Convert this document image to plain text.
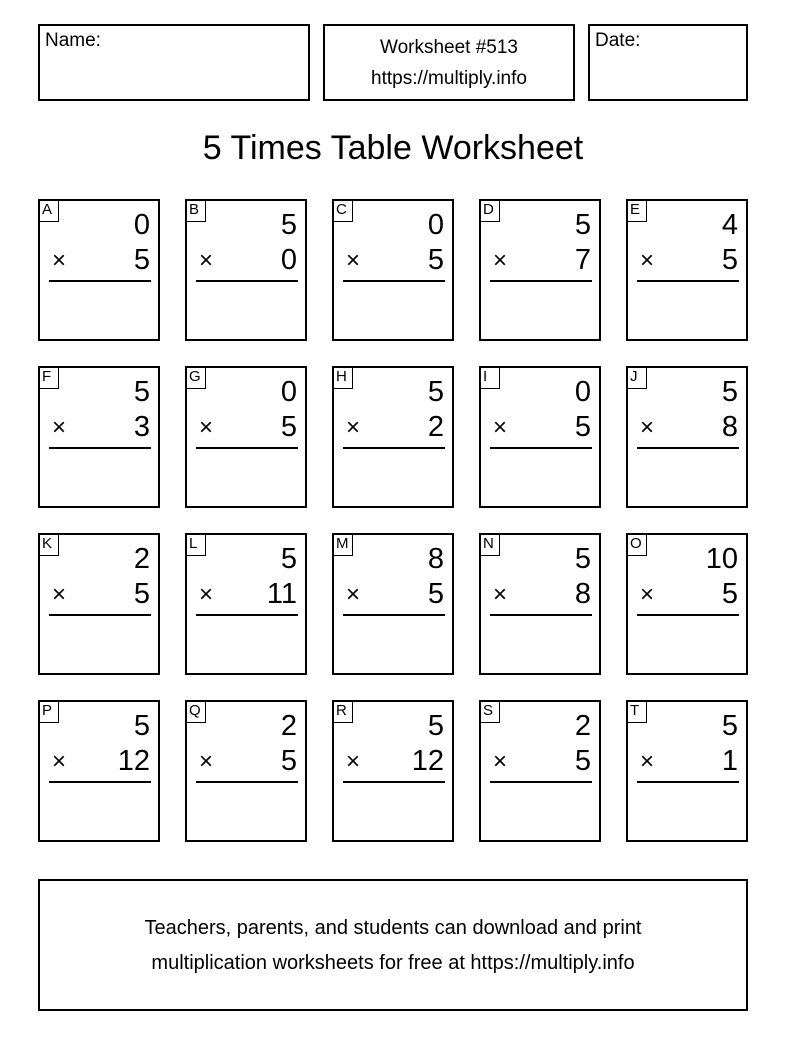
Name:	Worksheet #513
https://multiply.info
Date:
5 Times Table Worksheet
A	0
× 5
B	5
× 0
C	0
× 5
D	5
× 7
E	4
× 5
F	5
× 3
G	0
× 5
H	5
× 2
I	0
× 5
J	5
× 8
K	2
× 5
L	5
× 11
M	8
× 5
N	5
× 8
O 10
× 5
P	5
× 12
Q	2
× 5
R	5
× 12
S	2
× 5
T	5
× 1
Teachers, parents, and students can download and print
multiplication worksheets for free at https://multiply.info
